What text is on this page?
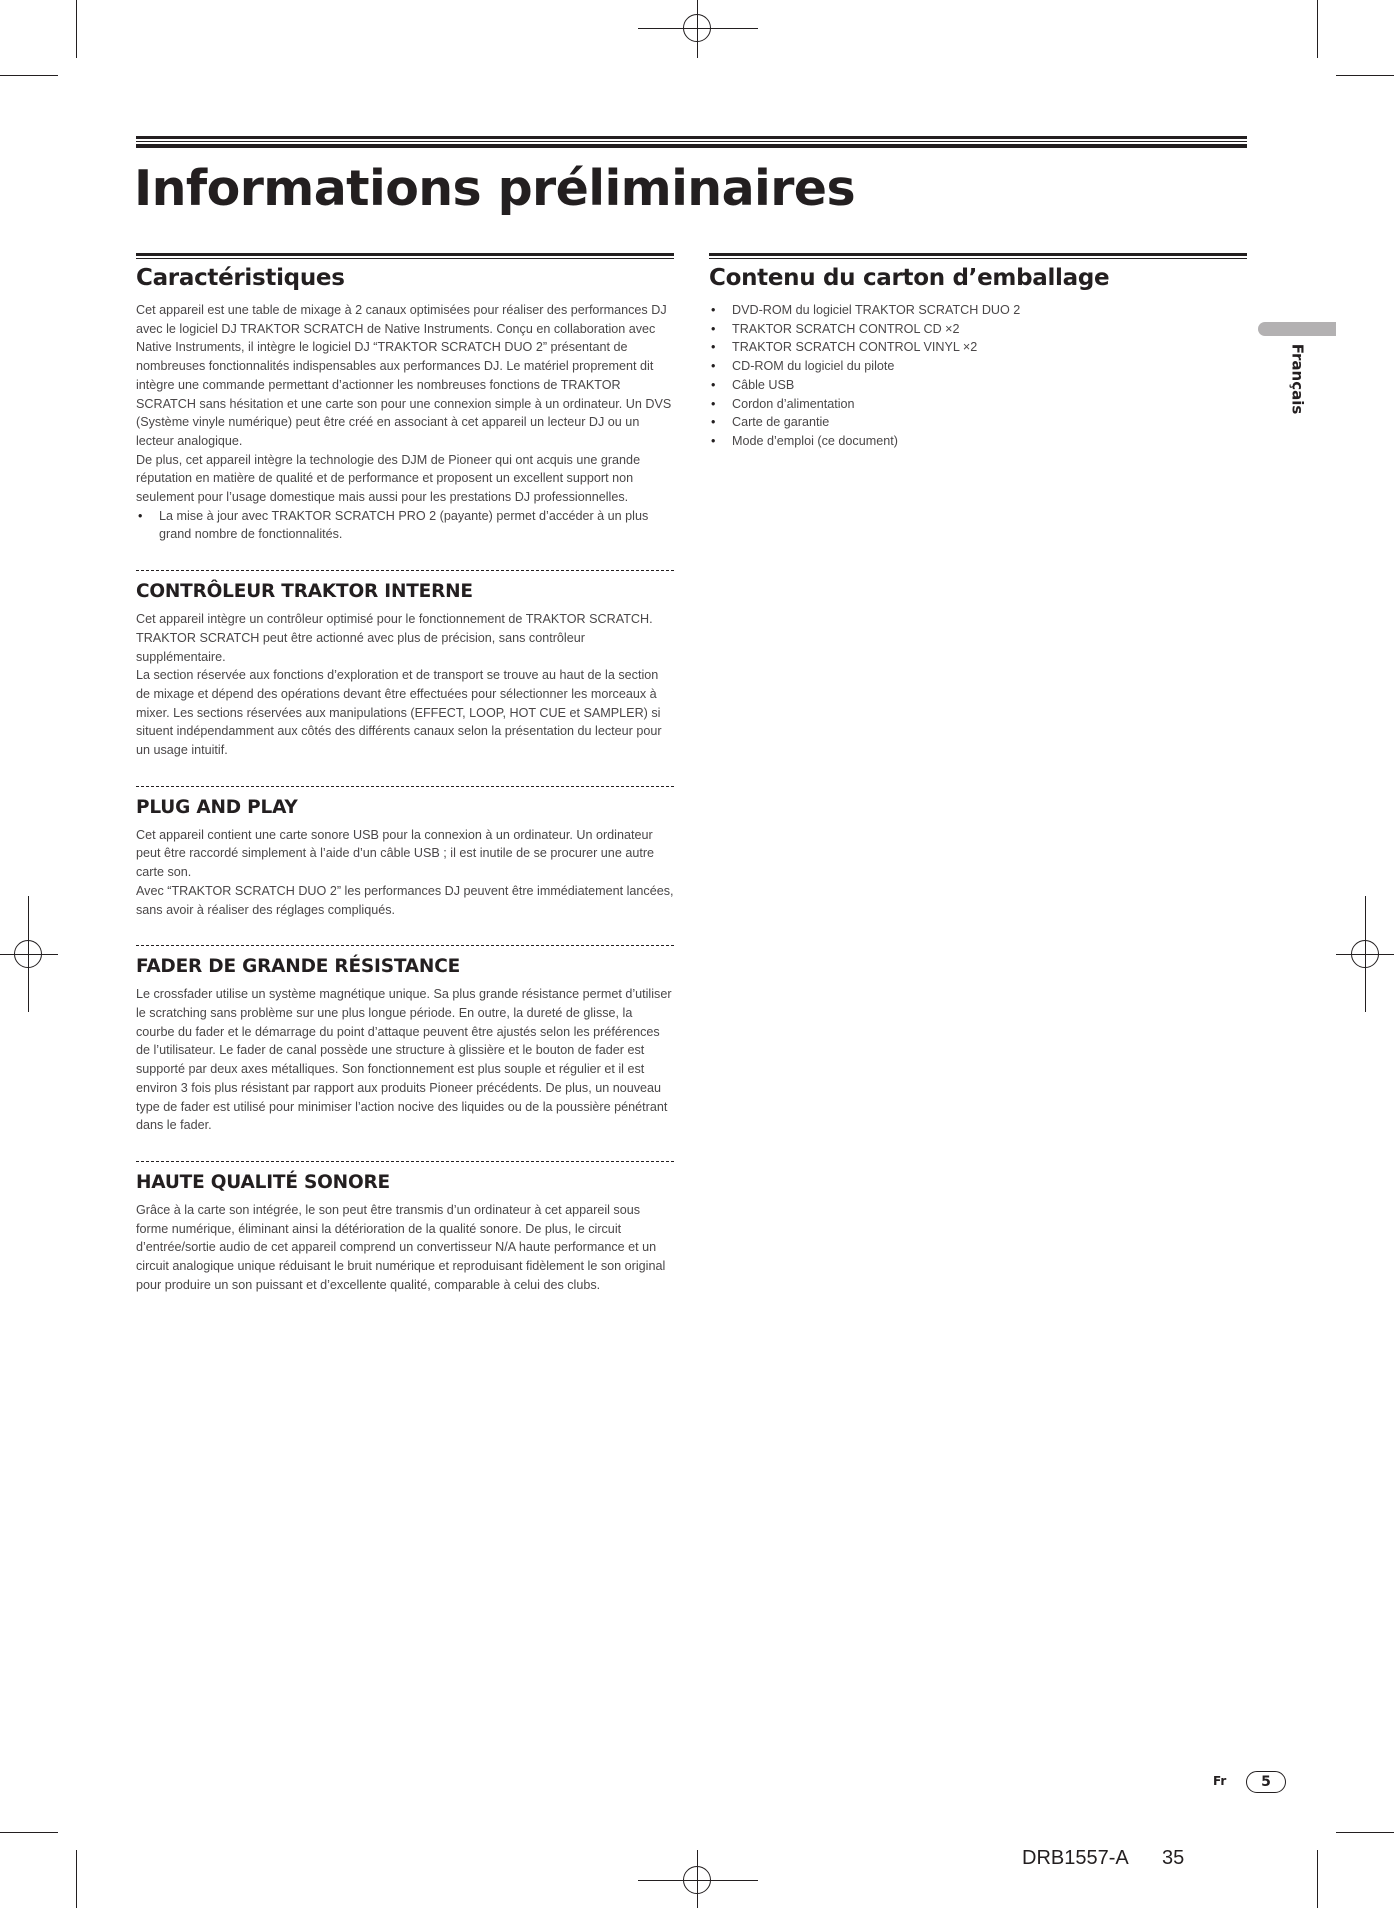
Informations préliminaires
Caractéristiques

Cet appareil est une table de mixage à 2 canaux optimisées pour réaliser des performances DJ avec le logiciel DJ TRAKTOR SCRATCH de Native Instruments. Conçu en collaboration avec Native Instruments, il intègre le logiciel DJ “TRAKTOR SCRATCH DUO 2” présentant de nombreuses fonctionnalités indispensables aux performances DJ. Le matériel proprement dit intègre une commande permettant d’actionner les nombreuses fonctions de TRAKTOR SCRATCH sans hésitation et une carte son pour une connexion simple à un ordinateur. Un DVS (Système vinyle numérique) peut être créé en associant à cet appareil un lecteur DJ ou un lecteur analogique.

De plus, cet appareil intègre la technologie des DJM de Pioneer qui ont acquis une grande réputation en matière de qualité et de performance et proposent un excellent support non seulement pour l’usage domestique mais aussi pour les prestations DJ professionnelles.

• La mise à jour avec TRAKTOR SCRATCH PRO 2 (payante) permet d’accéder à un plus grand nombre de fonctionnalités.
CONTRÔLEUR TRAKTOR INTERNE

Cet appareil intègre un contrôleur optimisé pour le fonctionnement de TRAKTOR SCRATCH. TRAKTOR SCRATCH peut être actionné avec plus de précision, sans contrôleur supplémentaire.

La section réservée aux fonctions d’exploration et de transport se trouve au haut de la section de mixage et dépend des opérations devant être effectuées pour sélectionner les morceaux à mixer. Les sections réservées aux manipulations (EFFECT, LOOP, HOT CUE et SAMPLER) si situent indépendamment aux côtés des différents canaux selon la présentation du lecteur pour un usage intuitif.

PLUG AND PLAY

Cet appareil contient une carte sonore USB pour la connexion à un ordinateur. Un ordinateur peut être raccordé simplement à l’aide d’un câble USB ; il est inutile de se procurer une autre carte son.

Avec “TRAKTOR SCRATCH DUO 2” les performances DJ peuvent être immédiatement lancées, sans avoir à réaliser des réglages compliqués.

FADER DE GRANDE RÉSISTANCE

Le crossfader utilise un système magnétique unique. Sa plus grande résistance permet d’utiliser le scratching sans problème sur une plus longue période. En outre, la dureté de glisse, la courbe du fader et le démarrage du point d’attaque peuvent être ajustés selon les préférences de l’utilisateur. Le fader de canal possède une structure à glissière et le bouton de fader est supporté par deux axes métalliques. Son fonctionnement est plus souple et régulier et il est environ 3 fois plus résistant par rapport aux produits Pioneer précédents. De plus, un nouveau type de fader est utilisé pour minimiser l’action nocive des liquides ou de la poussière pénétrant dans le fader.

HAUTE QUALITÉ SONORE

Grâce à la carte son intégrée, le son peut être transmis d’un ordinateur à cet appareil sous forme numérique, éliminant ainsi la détérioration de la qualité sonore. De plus, le circuit d’entrée/sortie audio de cet appareil comprend un convertisseur N/A haute performance et un circuit analogique unique réduisant le bruit numérique et reproduisant fidèlement le son original pour produire un son puissant et d’excellente qualité, comparable à celui des clubs.

Contenu du carton d’emballage
• DVD-ROM du logiciel TRAKTOR SCRATCH DUO 2
• TRAKTOR SCRATCH CONTROL CD ×2
• TRAKTOR SCRATCH CONTROL VINYL ×2
• CD-ROM du logiciel du pilote
• Câble USB
• Cordon d’alimentation
• Carte de garantie
• Mode d’emploi (ce document)
Français
Fr	5
DRB1557-A 35
